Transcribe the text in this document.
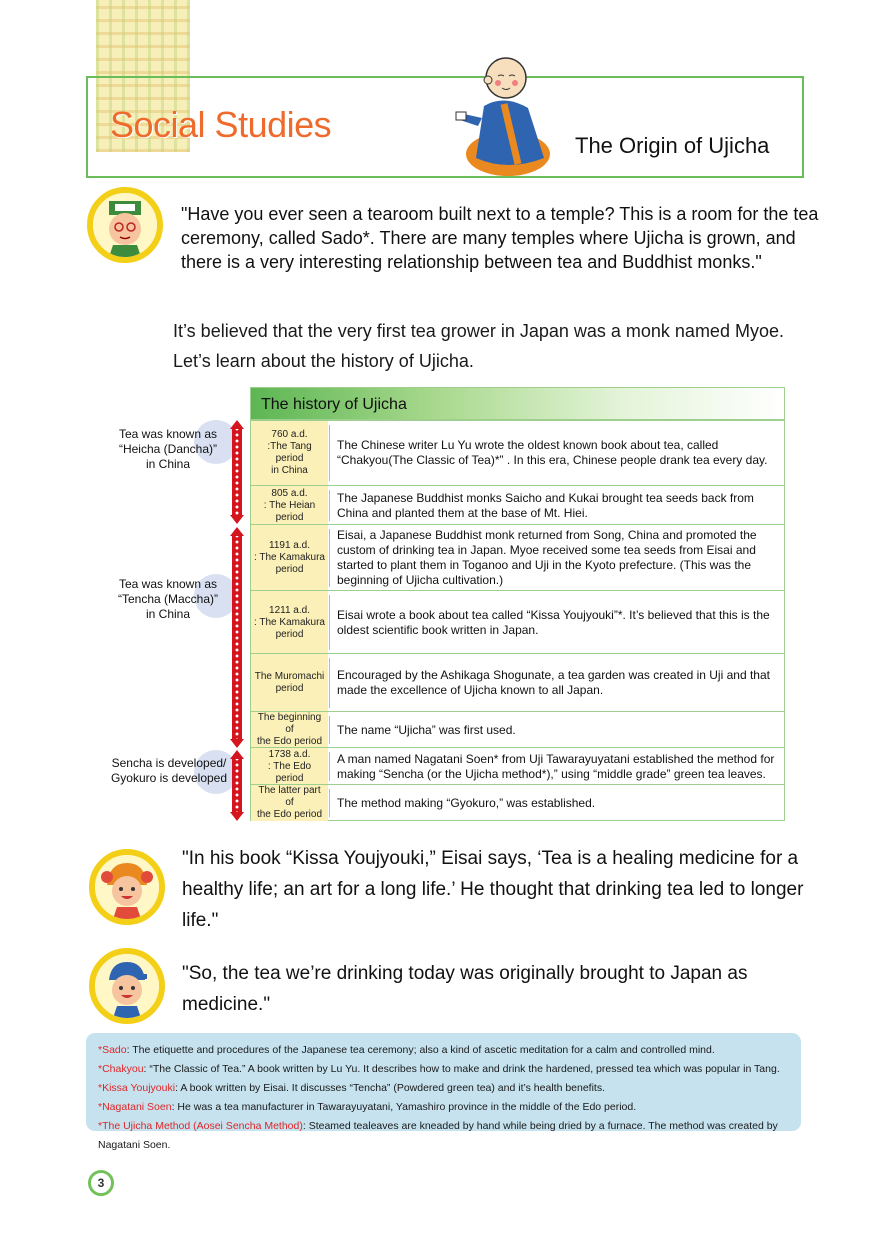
Social Studies
The Origin of Ujicha
"Have you ever seen a tearoom built next to a temple? This is a room for the tea ceremony, called Sado*. There are many temples where Ujicha is grown, and there is a very interesting relationship between tea and Buddhist monks."
It’s believed that the very first tea grower in Japan was a monk named Myoe. Let’s learn about the history of Ujicha.
The history of Ujicha
760 a.d.
:The Tang period
in China
The Chinese writer Lu Yu wrote the oldest known book about tea, called “Chakyou(The Classic of Tea)*” . In this era, Chinese people drank tea every day.
805 a.d.
: The Heian
period
The Japanese Buddhist monks Saicho and Kukai brought tea seeds back from China and planted them at the base of Mt. Hiei.
1191 a.d.
: The Kamakura
period
Eisai, a Japanese Buddhist monk returned from Song, China and promoted the custom of drinking tea in Japan. Myoe received some tea seeds from Eisai and started to plant them in Toganoo and Uji in the Kyoto prefecture. (This was the beginning of Ujicha cultivation.)
1211 a.d.
: The Kamakura
period
Eisai wrote a book about tea called “Kissa Youjyouki”*. It’s believed that this is the oldest scientific book written in Japan.
The Muromachi
period
Encouraged by the Ashikaga Shogunate, a tea garden was created in Uji and that made the excellence of Ujicha known to all Japan.
The beginning of
the Edo period
The name “Ujicha” was first used.
1738 a.d.
: The Edo period
A man named Nagatani Soen* from Uji Tawarayuyatani established the method for making “Sencha (or the Ujicha method*),” using “middle grade” green tea leaves.
The latter part of
the Edo period
The method making “Gyokuro,” was established.
Tea was known as
“Heicha (Dancha)”
in China
Tea was known as
“Tencha (Maccha)”
in China
Sencha is developed/
Gyokuro is developed
"In his book “Kissa Youjyouki,” Eisai says, ‘Tea is a healing medicine for a healthy life; an art for a long life.’ He thought that drinking tea led to longer life."
"So, the tea we’re drinking today was originally brought to Japan as medicine."
*Sado: The etiquette and procedures of the Japanese tea ceremony; also a kind of ascetic meditation for a calm and controlled mind.
*Chakyou: “The Classic of Tea.” A book written by Lu Yu. It describes how to make and drink the hardened, pressed tea which was popular in Tang.
*Kissa Youjyouki: A book written by Eisai. It discusses “Tencha” (Powdered green tea) and it’s health benefits.
*Nagatani Soen: He was a tea manufacturer in Tawarayuyatani, Yamashiro province in the middle of the Edo period.
*The Ujicha Method (Aosei Sencha Method): Steamed tealeaves are kneaded by hand while being dried by a furnace. The method was created by Nagatani Soen.
3
